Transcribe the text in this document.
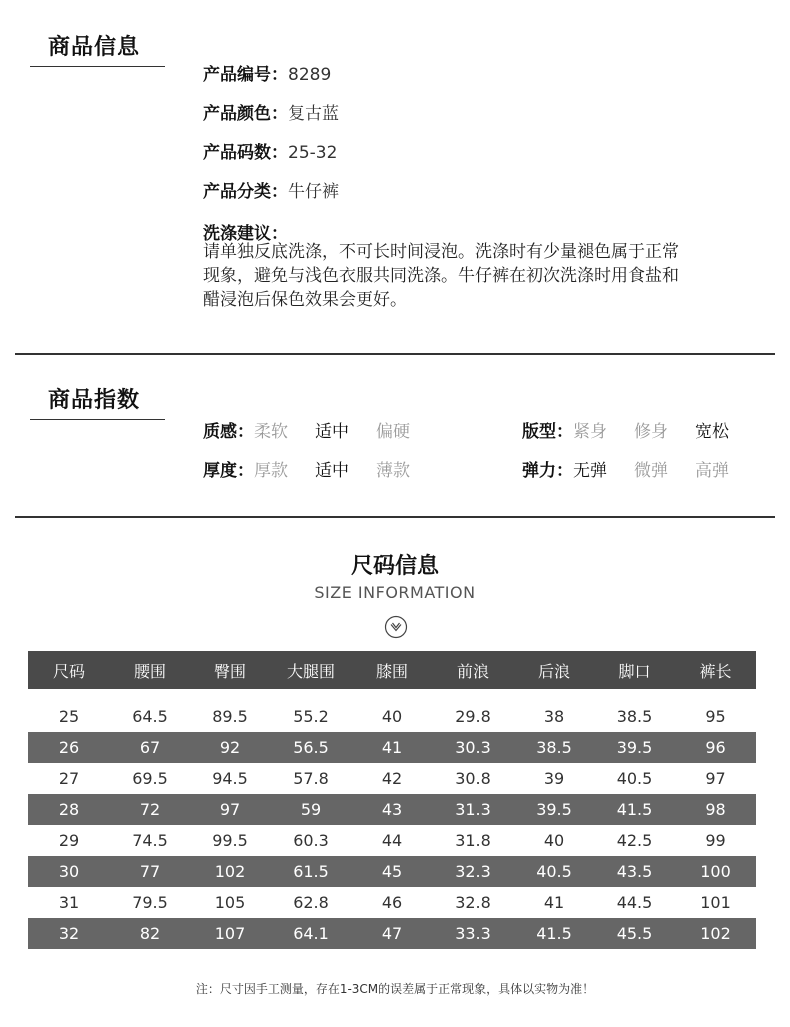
商品信息
产品编号：8289
产品颜色：复古蓝
产品码数：25-32
产品分类：牛仔裤
洗涤建议：
请单独反底洗涤，不可长时间浸泡。洗涤时有少量褪色属于正常
现象，避免与浅色衣服共同洗涤。牛仔裤在初次洗涤时用食盐和
醋浸泡后保色效果会更好。
商品指数
质感：柔软 适中 偏硬	版型：紧身 修身 宽松
厚度：厚款 适中 薄款	弹力：无弹 微弹 高弹
尺码信息
SIZE INFORMATION
尺码	腰围	臀围	大腿围	膝围	前浪	后浪	脚口	裤长
25	64.5	89.5	55.2	40	29.8	38	38.5	95
26	67	92	56.5	41	30.3	38.5	39.5	96
27	69.5	94.5	57.8	42	30.8	39	40.5	97
28	72	97	59	43	31.3	39.5	41.5	98
29	74.5	99.5	60.3	44	31.8	40	42.5	99
30	77	102	61.5	45	32.3	40.5	43.5	100
31	79.5	105	62.8	46	32.8	41	44.5	101
32	82	107	64.1	47	33.3	41.5	45.5	102
注：尺寸因手工测量，存在1-3CM的误差属于正常现象，具体以实物为准！
